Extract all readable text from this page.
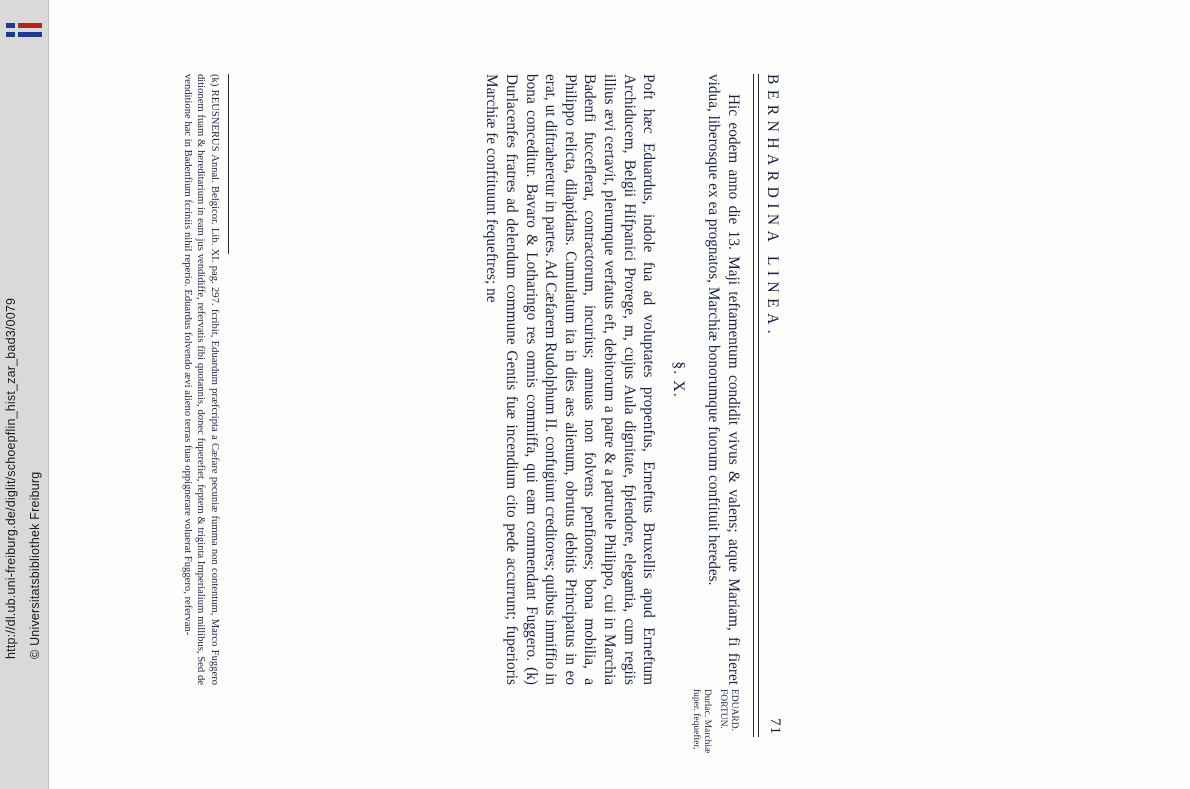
http://dl.ub.uni-freiburg.de/diglit/schoepflin_hist_zar_bad3/0079 © Universitatsbibliothek Freiburg
BERNHARDINA LINEA.
71
EDUARD.
FORTUN.
Durlac. Marchiæ fuper. fequefter,

Hic eodem anno die 13. Maji teftamentum condidit vivus & valens; atque Mariam, fi fieret vidua, liberosque ex ea prognatos, Marchiæ bonorumque fuorum conftituit heredes.

§. X.

Poft hæc Eduardus, indole fua ad voluptates propenfus, Erneftus Bruxellis apud Erneftum Archiducem, Belgii Hifpanici Prorege, m, cujus Aula dignitate, fplendore, elegantia, cum regiis illius ævi certavit, plerumque verfatus eft, debitorum a patre & a patruele Philippo, cui in Marchia Badenfi fucceflerat, contractorum, incurius; annuas non folvens penfiones; bona mobilia, a Philippo relicta, dilapidans. Cumulatum ita in dies aes alienum, obrutus debitis Principatus in eo erat, ut diftraheretur in partes. Ad Cæfarem Rudolphum II. confugiunt creditores; quibus inmiffio in bona conceditur. Bavaro & Lotharingo res omnis commiffa, qui eam commendant Fuggero. (k) Durlacenfes fratres ad delendum commune Gentis fuæ incendium cito pede accurrunt; fuperioris Marchiæ fe conftituunt fequeftres; ne

(k) REUSNERUS Annal. Belgicor. Lib. XI. pag. 297. fcribit, Eduardum præfcripta a Cæfare pecuniæ fumma non contentum, Marco Fuggero ditionem fuam & hereditarium in eam jus vendidiffe, refervatis fibi quotannis, donec fuperefiet, feptem & triginta Imperialium millibus, Sed de venditione hac in Badenfium fcriniis nihil reperio. Eduardus folvendo ævi alieno terras fuas oppignerare voluerat Fuggero, refervan-
